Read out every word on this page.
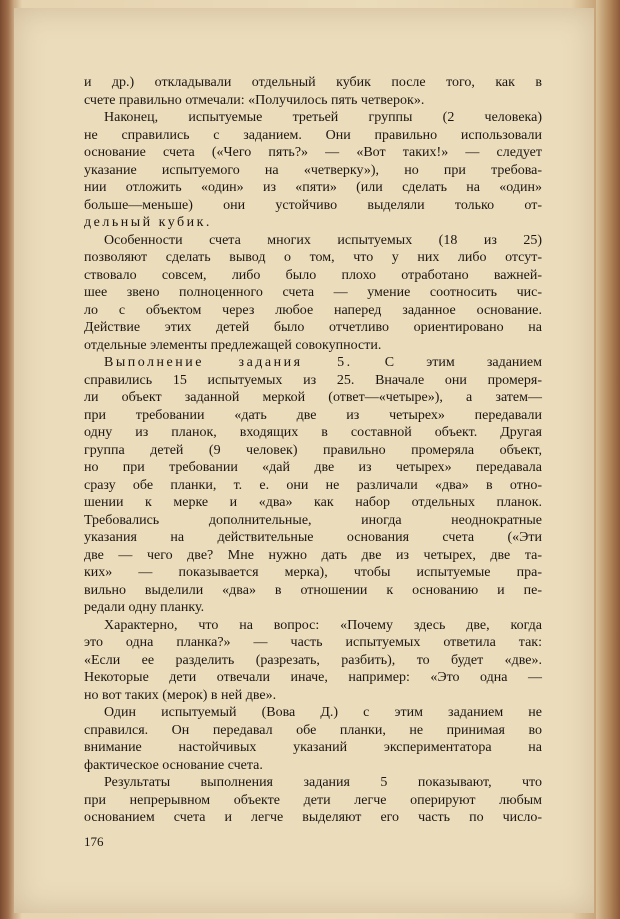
и др.) откладывали отдельный кубик после того, как в
счете правильно отмечали: «Получилось пять четверок».
Наконец, испытуемые третьей группы (2 человека)
не справились с заданием. Они правильно использовали
основание счета («Чего пять?» — «Вот таких!» — следует
указание испытуемого на «четверку»), но при требова-
нии отложить «один» из «пяти» (или сделать на «один»
больше—меньше) они устойчиво выделяли только от-
дельный кубик.
Особенности счета многих испытуемых (18 из 25)
позволяют сделать вывод о том, что у них либо отсут-
ствовало совсем, либо было плохо отработано важней-
шее звено полноценного счета — умение соотносить чис-
ло с объектом через любое наперед заданное основание.
Действие этих детей было отчетливо ориентировано на
отдельные элементы предлежащей совокупности.
Выполнение задания 5. С этим заданием
справились 15 испытуемых из 25. Вначале они промеря-
ли объект заданной меркой (ответ—«четыре»), а затем—
при требовании «дать две из четырех» передавали
одну из планок, входящих в составной объект. Другая
группа детей (9 человек) правильно промеряла объект,
но при требовании «дай две из четырех» передавала
сразу обе планки, т. е. они не различали «два» в отно-
шении к мерке и «два» как набор отдельных планок.
Требовались дополнительные, иногда неоднократные
указания на действительные основания счета («Эти
две — чего две? Мне нужно дать две из четырех, две та-
ких» — показывается мерка), чтобы испытуемые пра-
вильно выделили «два» в отношении к основанию и пе-
редали одну планку.
Характерно, что на вопрос: «Почему здесь две, когда
это одна планка?» — часть испытуемых ответила так:
«Если ее разделить (разрезать, разбить), то будет «две».
Некоторые дети отвечали иначе, например: «Это одна —
но вот таких (мерок) в ней две».
Один испытуемый (Вова Д.) с этим заданием не
справился. Он передавал обе планки, не принимая во
внимание настойчивых указаний экспериментатора на
фактическое основание счета.
Результаты выполнения задания 5 показывают, что
при непрерывном объекте дети легче оперируют любым
основанием счета и легче выделяют его часть по число-
176
